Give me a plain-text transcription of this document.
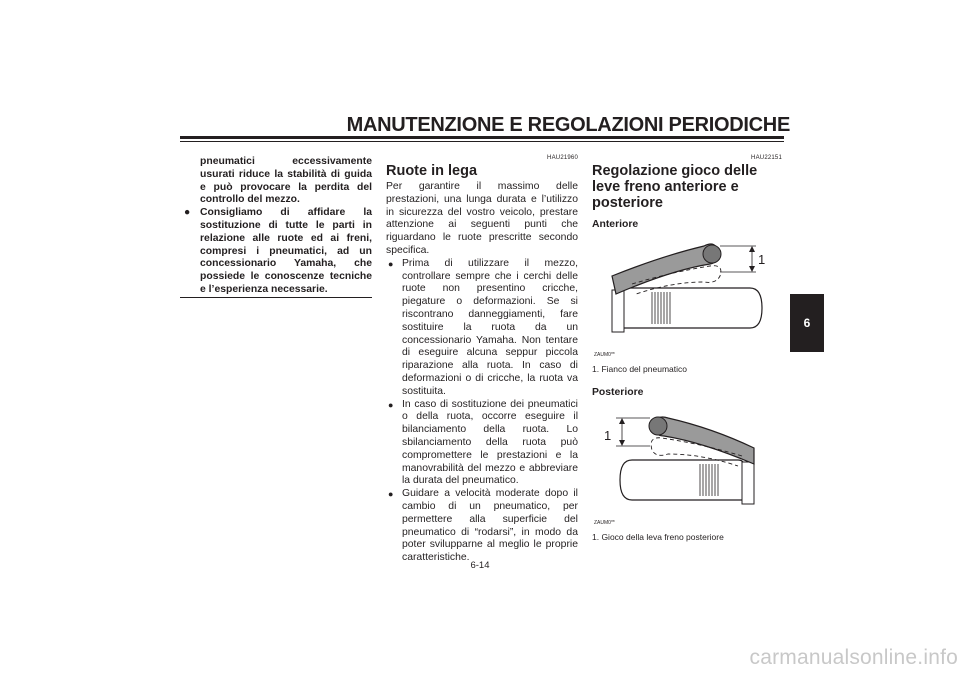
MANUTENZIONE E REGOLAZIONI PERIODICHE
pneumatici eccessivamente usurati riduce la stabilità di guida e può provocare la perdita del controllo del mezzo.
● Consigliamo di affidare la sostituzione di tutte le parti in relazione alle ruote ed ai freni, compresi i pneumatici, ad un concessionario Yamaha, che possiede le conoscenze tecniche e l’esperienza necessarie.
HAU21960
Ruote in lega
Per garantire il massimo delle prestazioni, una lunga durata e l’utilizzo in sicurezza del vostro veicolo, prestare attenzione ai seguenti punti che riguardano le ruote prescritte secondo specifica.
● Prima di utilizzare il mezzo, controllare sempre che i cerchi delle ruote non presentino cricche, piegature o deformazioni. Se si riscontrano danneggiamenti, fare sostituire la ruota da un concessionario Yamaha. Non tentare di eseguire alcuna seppur piccola riparazione alla ruota. In caso di deformazioni o di cricche, la ruota va sostituita.
● In caso di sostituzione dei pneumatici o della ruota, occorre eseguire il bilanciamento della ruota. Lo sbilanciamento della ruota può compromettere le prestazioni e la manovrabilità del mezzo e abbreviare la durata del pneumatico.
● Guidare a velocità moderate dopo il cambio di un pneumatico, per permettere alla superficie del pneumatico di “rodarsi”, in modo da poter svilupparne al meglio le proprie caratteristiche.
HAU22151
Regolazione gioco delle leve freno anteriore e posteriore
Anteriore
1
ZAUM0**
1. Fianco del pneumatico
Posteriore
1
ZAUM0**
1. Gioco della leva freno posteriore
6-14
6
carmanualsonline.info
